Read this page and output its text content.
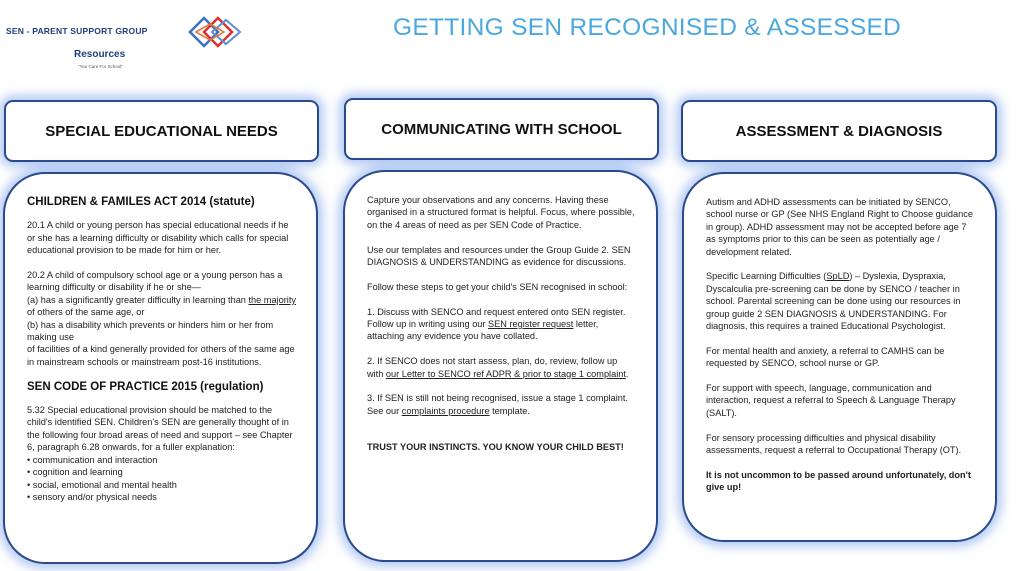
SEN - PARENT SUPPORT GROUP
Resources
"You Care For School"
GETTING SEN RECOGNISED & ASSESSED
SPECIAL EDUCATIONAL NEEDS
CHILDREN & FAMILES ACT 2014 (statute)

20.1 A child or young person has special educational needs if he or she has a learning difficulty or disability which calls for special educational provision to be made for him or her.

20.2 A child of compulsory school age or a young person has a learning difficulty or disability if he or she—
(a) has a significantly greater difficulty in learning than the majority of others of the same age, or
(b) has a disability which prevents or hinders him or her from making use
of facilities of a kind generally provided for others of the same age in mainstream schools or mainstream post-16 institutions.
SEN CODE OF PRACTICE 2015 (regulation)
5.32 Special educational provision should be matched to the child's identified SEN. Children's SEN are generally thought of in the following four broad areas of need and support – see Chapter 6, paragraph 6.28 onwards, for a fuller explanation:
• communication and interaction
• cognition and learning
• social, emotional and mental health
• sensory and/or physical needs
COMMUNICATING WITH SCHOOL

Capture your observations and any concerns. Having these organised in a structured format is helpful. Focus, where possible, on the 4 areas of need as per SEN Code of Practice.

Use our templates and resources under the Group Guide 2. SEN DIAGNOSIS & UNDERSTANDING as evidence for discussions.

Follow these steps to get your child's SEN recognised in school:

1. Discuss with SENCO and request entered onto SEN register. Follow up in writing using our SEN register request letter, attaching any evidence you have collated.

2. If SENCO does not start assess, plan, do, review, follow up with our Letter to SENCO ref ADPR & prior to stage 1 complaint.

3. If SEN is still not being recognised, issue a stage 1 complaint. See our complaints procedure template.

TRUST YOUR INSTINCTS. YOU KNOW YOUR CHILD BEST!

ASSESSMENT & DIAGNOSIS

Autism and ADHD assessments can be initiated by SENCO, school nurse or GP (See NHS England Right to Choose guidance in group). ADHD assessment may not be accepted before age 7 as symptoms prior to this can be seen as potentially age / development related.

Specific Learning Difficulties (SpLD) – Dyslexia, Dyspraxia, Dyscalculia pre-screening can be done by SENCO / teacher in school. Parental screening can be done using our resources in group guide 2 SEN DIAGNOSIS & UNDERSTANDING. For diagnosis, this requires a trained Educational Psychologist.

For mental health and anxiety, a referral to CAMHS can be requested by SENCO, school nurse or GP.

For support with speech, language, communication and interaction, request a referral to Speech & Language Therapy (SALT).

For sensory processing difficulties and physical disability assessments, request a referral to Occupational Therapy (OT).

It is not uncommon to be passed around unfortunately, don't give up!
